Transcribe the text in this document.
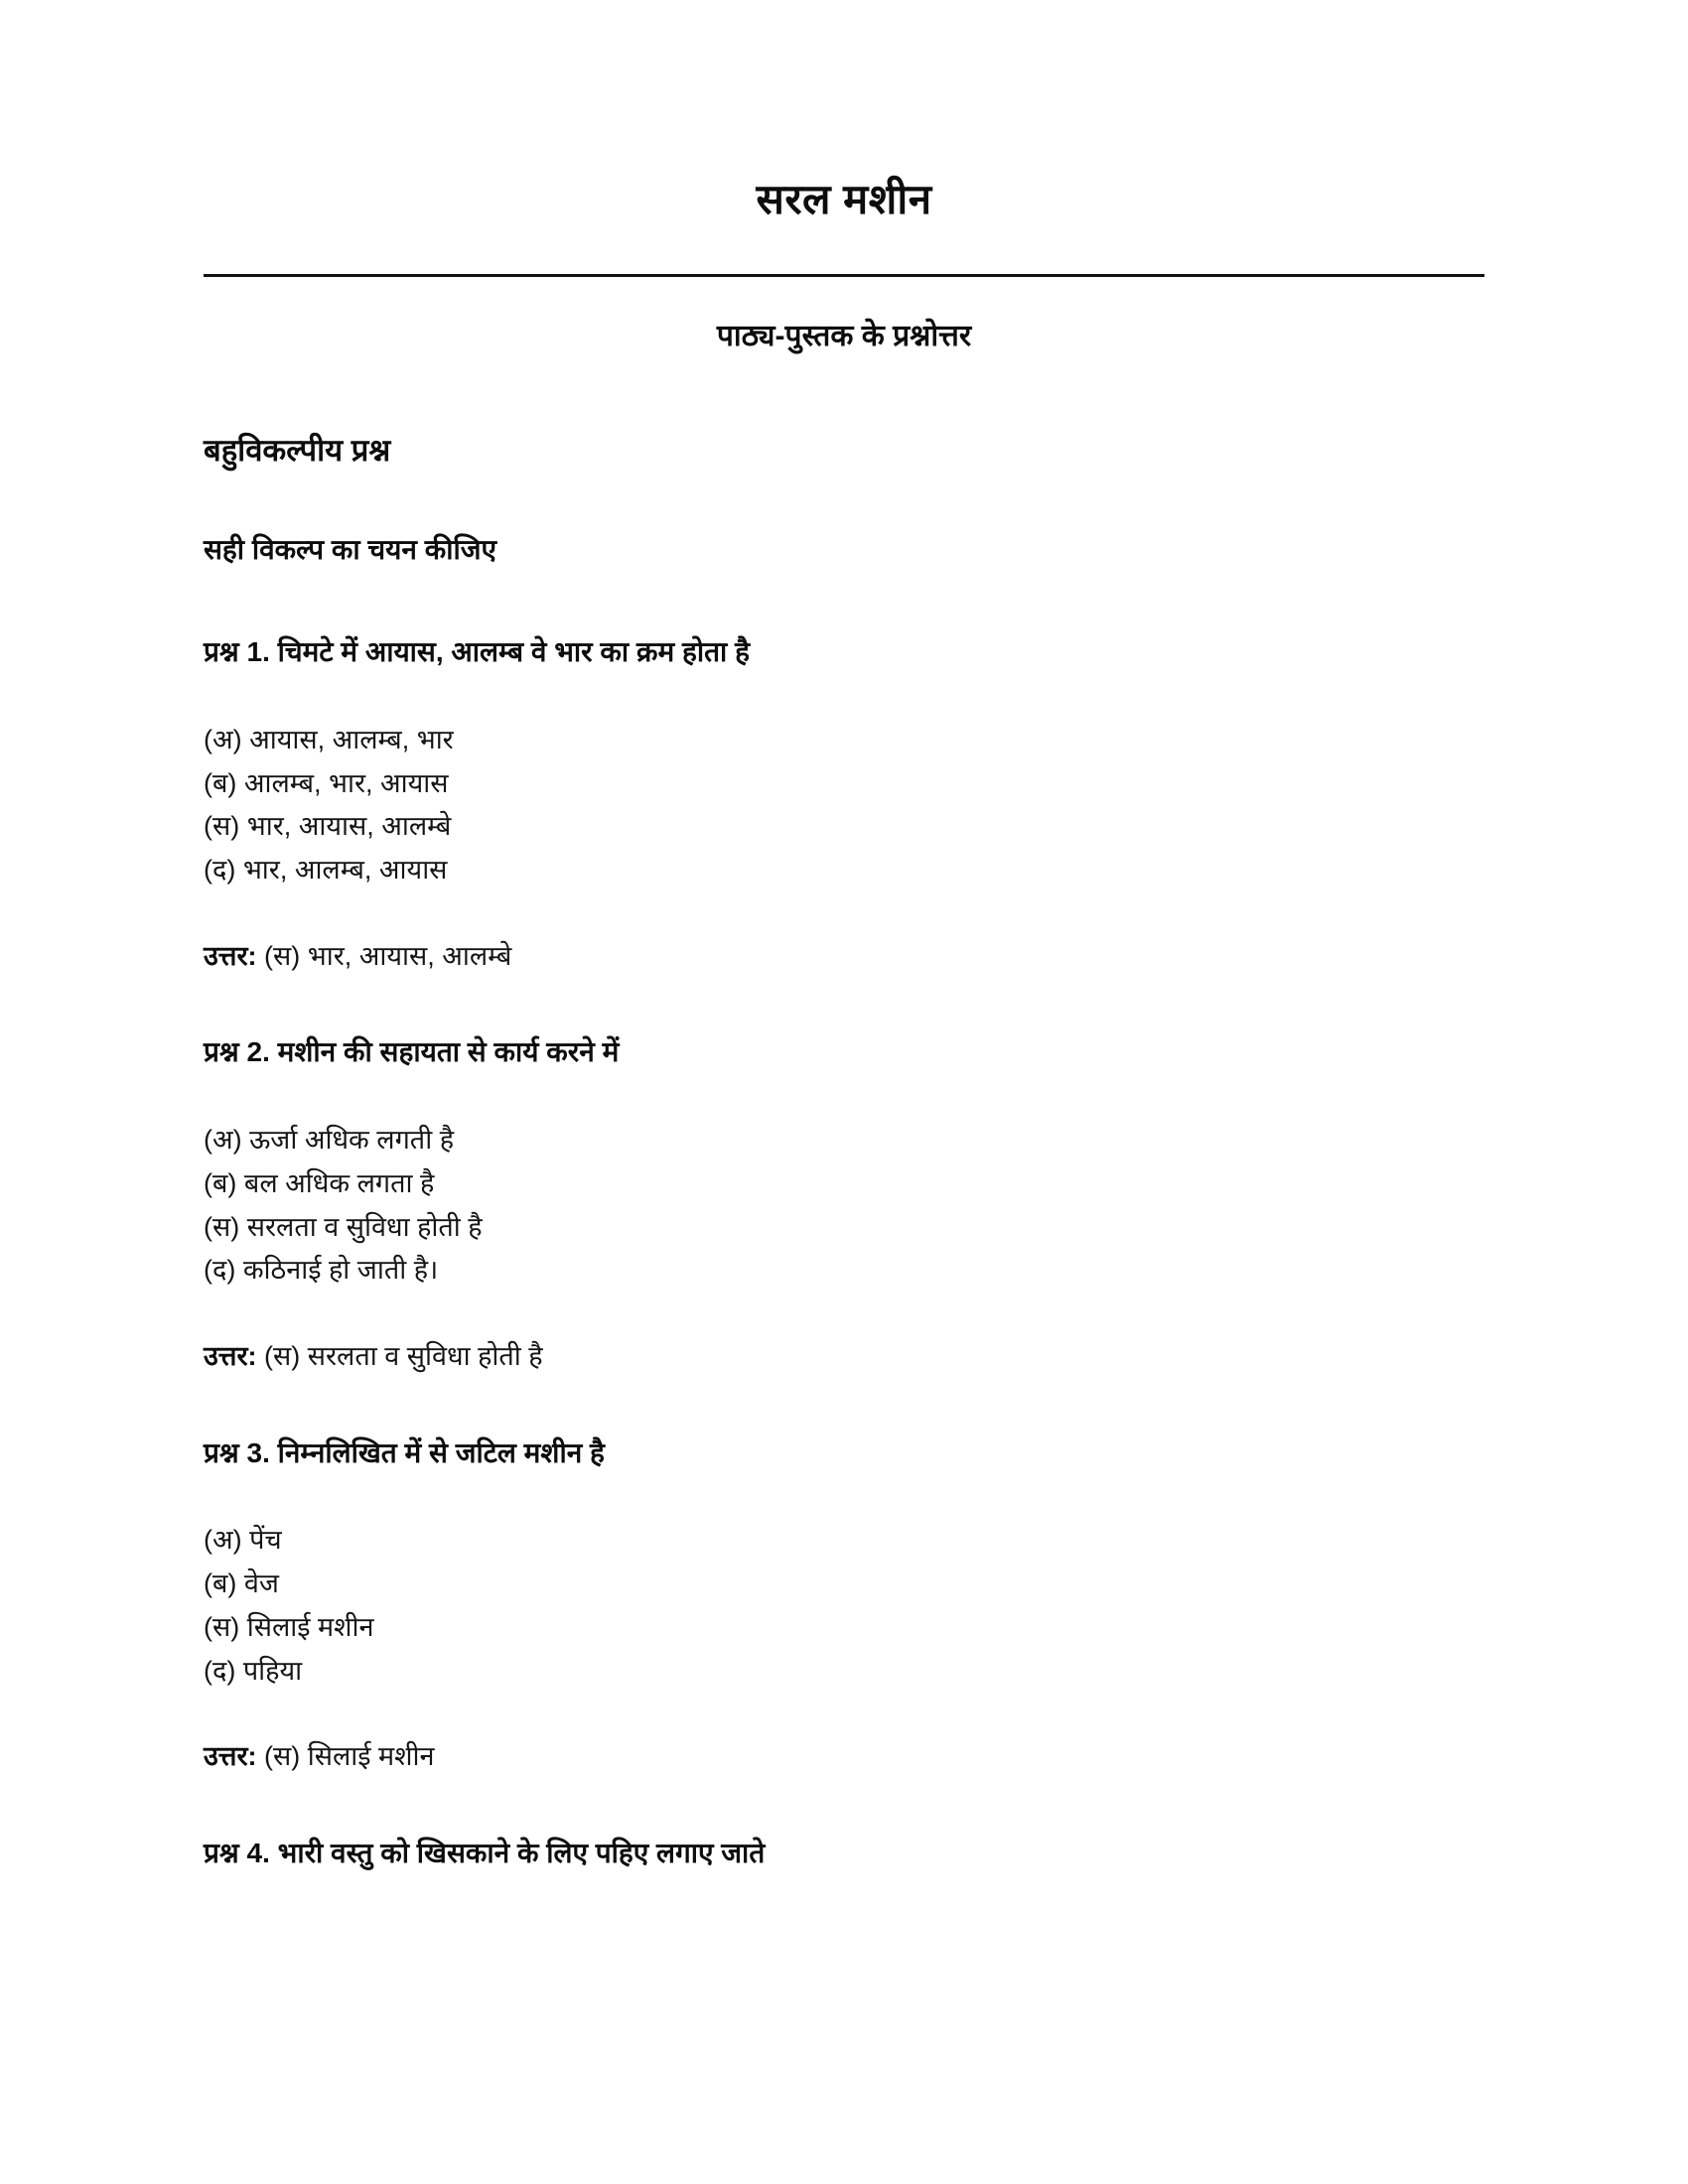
सरल मशीन
पाठ्य-पुस्तक के प्रश्नोत्तर
बहुविकल्पीय प्रश्न

सही विकल्प का चयन कीजिए

प्रश्न 1. चिमटे में आयास, आलम्ब वे भार का क्रम होता है

(अ) आयास, आलम्ब, भार
(ब) आलम्ब, भार, आयास
(स) भार, आयास, आलम्बे
(द) भार, आलम्ब, आयास

उत्तर: (स) भार, आयास, आलम्बे

प्रश्न 2. मशीन की सहायता से कार्य करने में

(अ) ऊर्जा अधिक लगती है
(ब) बल अधिक लगता है
(स) सरलता व सुविधा होती है
(द) कठिनाई हो जाती है।

उत्तर: (स) सरलता व सुविधा होती है

प्रश्न 3. निम्नलिखित में से जटिल मशीन है

(अ) पेंच
(ब) वेज
(स) सिलाई मशीन
(द) पहिया

उत्तर: (स) सिलाई मशीन

प्रश्न 4. भारी वस्तु को खिसकाने के लिए पहिए लगाए जाते
